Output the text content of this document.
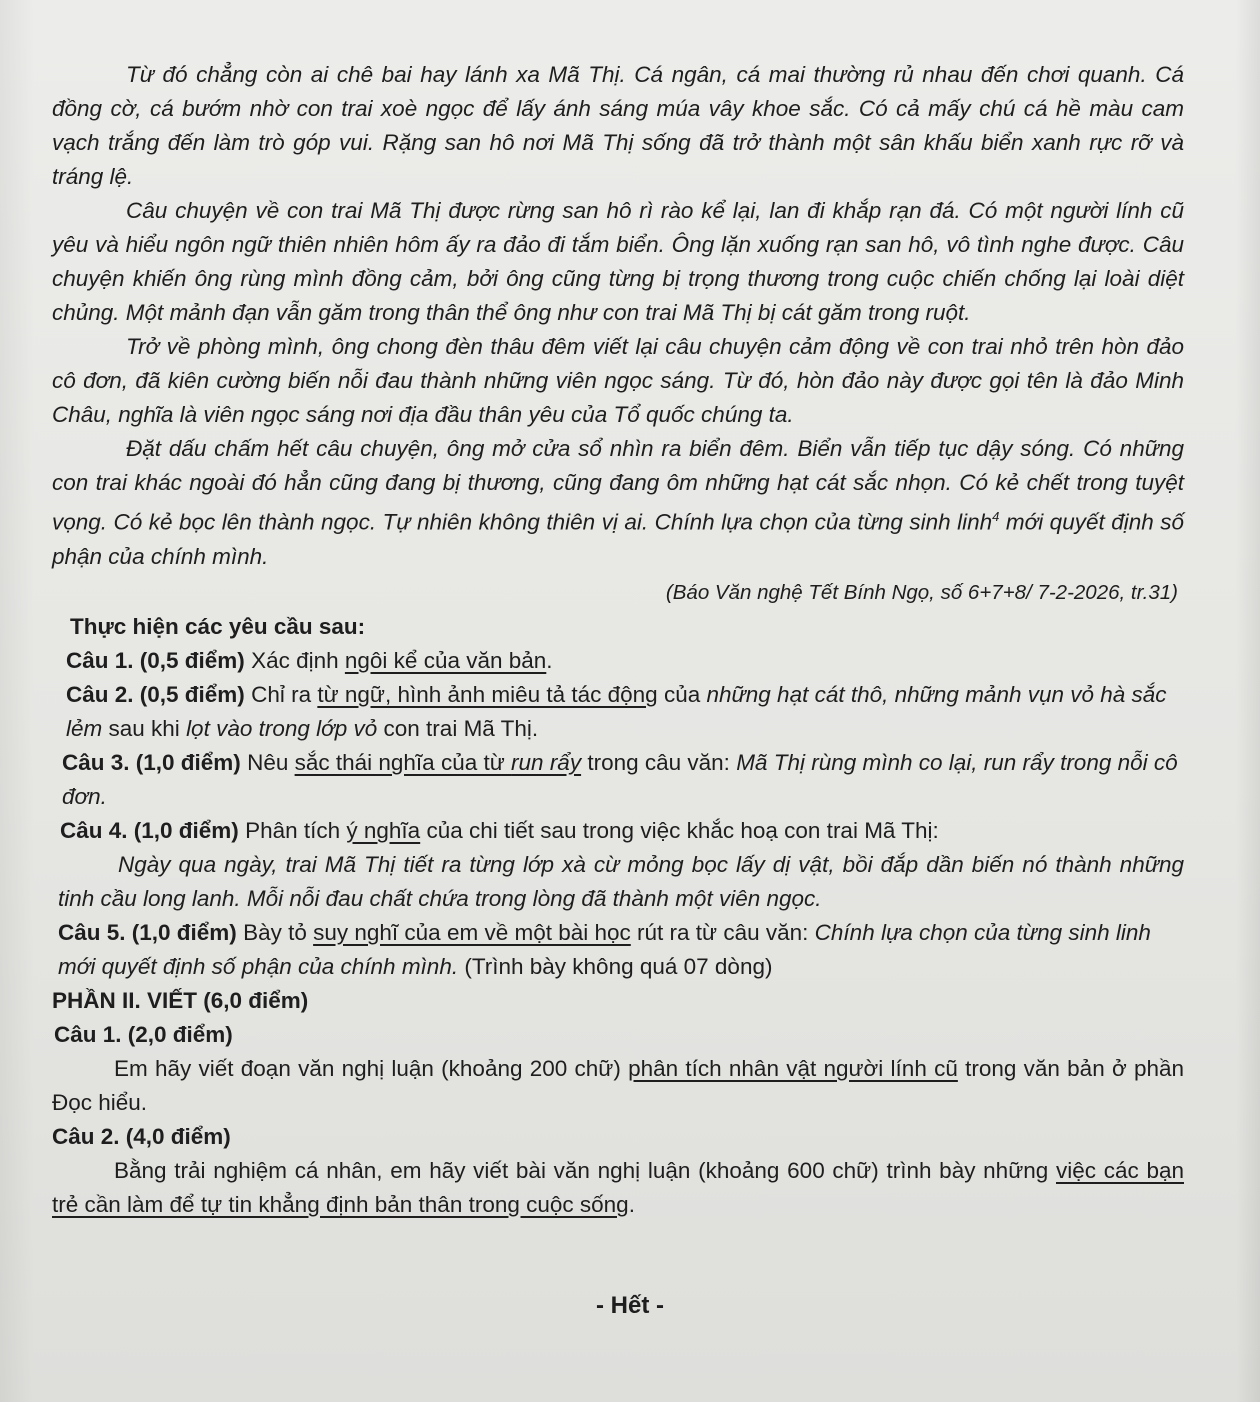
Từ đó chẳng còn ai chê bai hay lánh xa Mã Thị. Cá ngân, cá mai thường rủ nhau đến chơi quanh. Cá đồng cờ, cá bướm nhờ con trai xoè ngọc để lấy ánh sáng múa vây khoe sắc. Có cả mấy chú cá hề màu cam vạch trắng đến làm trò góp vui. Rặng san hô nơi Mã Thị sống đã trở thành một sân khấu biển xanh rực rỡ và tráng lệ.

Câu chuyện về con trai Mã Thị được rừng san hô rì rào kể lại, lan đi khắp rạn đá. Có một người lính cũ yêu và hiểu ngôn ngữ thiên nhiên hôm ấy ra đảo đi tắm biển. Ông lặn xuống rạn san hô, vô tình nghe được. Câu chuyện khiến ông rùng mình đồng cảm, bởi ông cũng từng bị trọng thương trong cuộc chiến chống lại loài diệt chủng. Một mảnh đạn vẫn găm trong thân thể ông như con trai Mã Thị bị cát găm trong ruột.

Trở về phòng mình, ông chong đèn thâu đêm viết lại câu chuyện cảm động về con trai nhỏ trên hòn đảo cô đơn, đã kiên cường biến nỗi đau thành những viên ngọc sáng. Từ đó, hòn đảo này được gọi tên là đảo Minh Châu, nghĩa là viên ngọc sáng nơi địa đầu thân yêu của Tổ quốc chúng ta.

Đặt dấu chấm hết câu chuyện, ông mở cửa sổ nhìn ra biển đêm. Biển vẫn tiếp tục dậy sóng. Có những con trai khác ngoài đó hẳn cũng đang bị thương, cũng đang ôm những hạt cát sắc nhọn. Có kẻ chết trong tuyệt vọng. Có kẻ bọc lên thành ngọc. Tự nhiên không thiên vị ai. Chính lựa chọn của từng sinh linh$^4$ mới quyết định số phận của chính mình.

(Báo Văn nghệ Tết Bính Ngọ, số 6+7+8/ 7-2-2026, tr.31)

Thực hiện các yêu cầu sau:

Câu 1. (0,5 điểm) Xác định ngôi kể của văn bản.

Câu 2. (0,5 điểm) Chỉ ra từ ngữ, hình ảnh miêu tả tác động của những hạt cát thô, những mảnh vụn vỏ hà sắc lẻm sau khi lọt vào trong lớp vỏ con trai Mã Thị.

Câu 3. (1,0 điểm) Nêu sắc thái nghĩa của từ run rẩy trong câu văn: Mã Thị rùng mình co lại, run rẩy trong nỗi cô đơn.

Câu 4. (1,0 điểm) Phân tích ý nghĩa của chi tiết sau trong việc khắc hoạ con trai Mã Thị:

Ngày qua ngày, trai Mã Thị tiết ra từng lớp xà cừ mỏng bọc lấy dị vật, bồi đắp dần biến nó thành những tinh cầu long lanh. Mỗi nỗi đau chất chứa trong lòng đã thành một viên ngọc.

Câu 5. (1,0 điểm) Bày tỏ suy nghĩ của em về một bài học rút ra từ câu văn: Chính lựa chọn của từng sinh linh mới quyết định số phận của chính mình. (Trình bày không quá 07 dòng)

PHẦN II. VIẾT (6,0 điểm)

Câu 1. (2,0 điểm)

Em hãy viết đoạn văn nghị luận (khoảng 200 chữ) phân tích nhân vật người lính cũ trong văn bản ở phần Đọc hiểu.

Câu 2. (4,0 điểm)

Bằng trải nghiệm cá nhân, em hãy viết bài văn nghị luận (khoảng 600 chữ) trình bày những việc các bạn trẻ cần làm để tự tin khẳng định bản thân trong cuộc sống.

- Hết -
